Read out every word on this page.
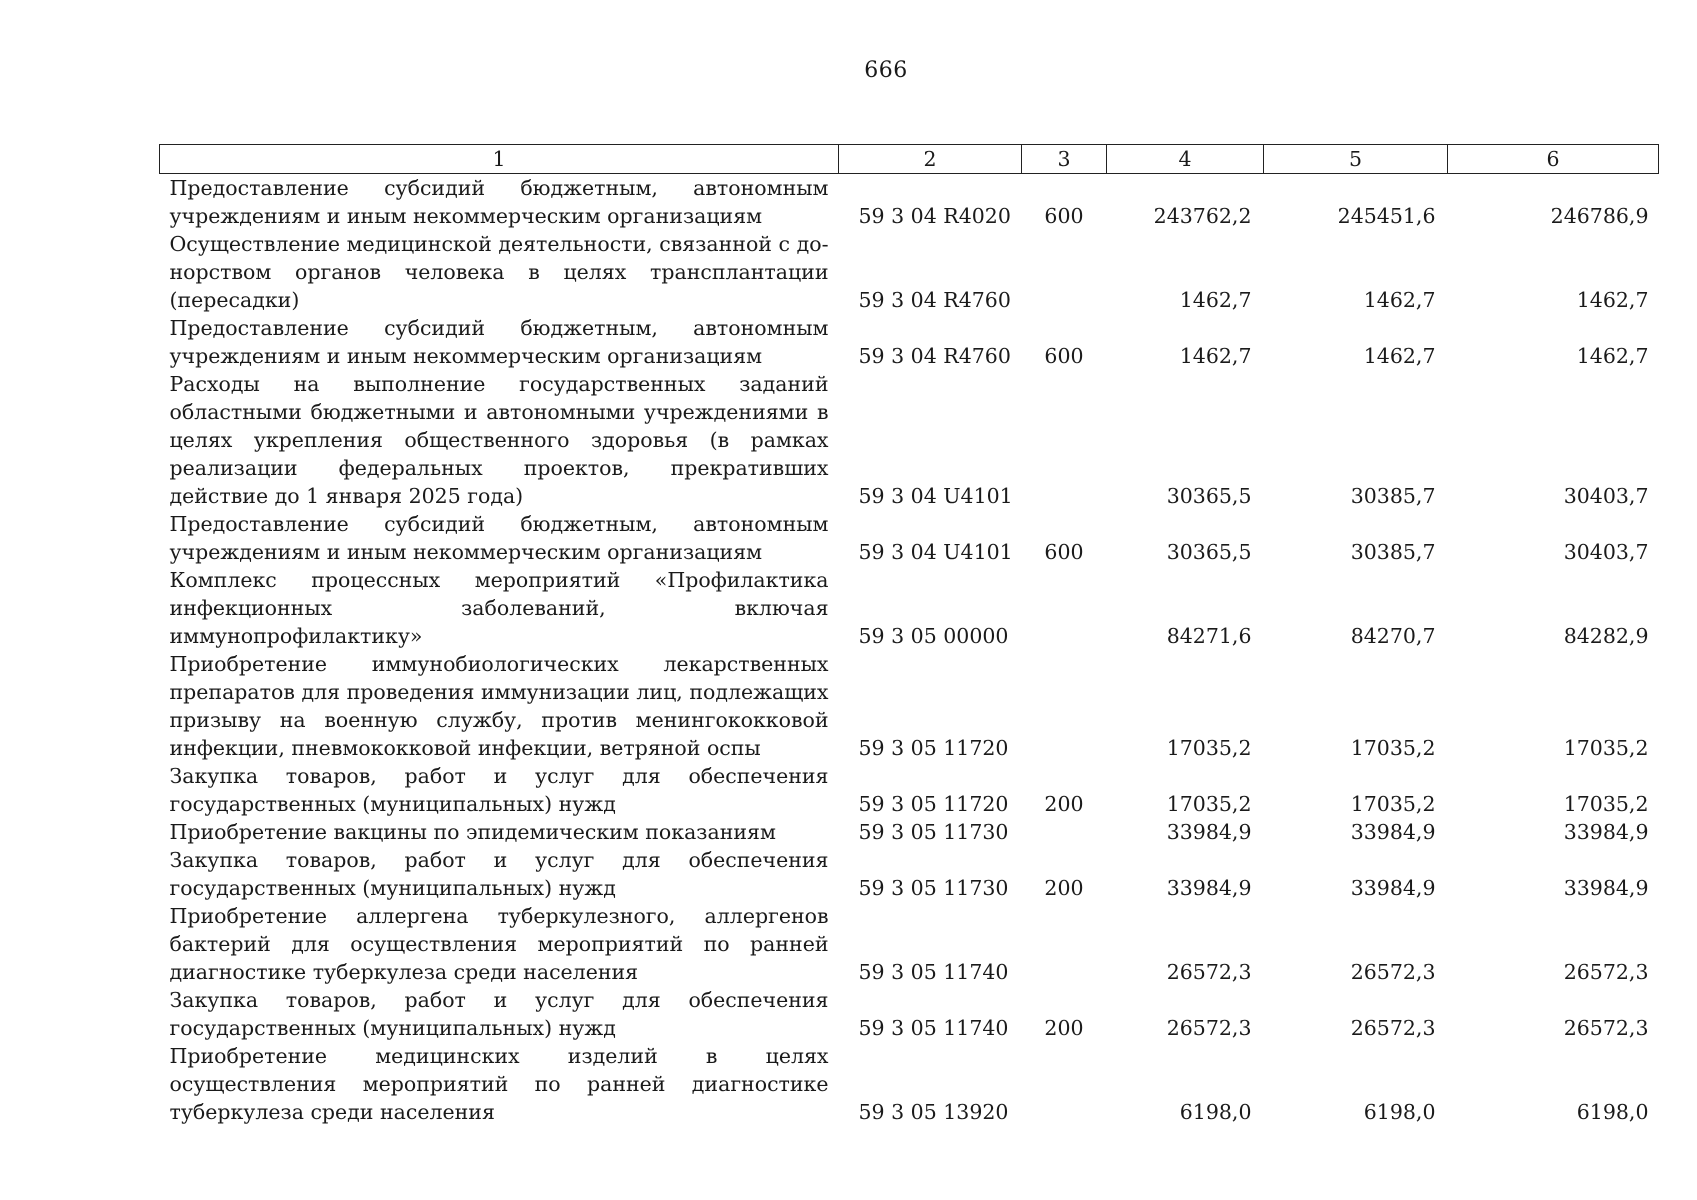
666
1	2	3	4	5	6
Предоставление субсидий бюджетным, автономным учреждениям и иным некоммерческим организациям	59 3 04 R4020	600	243762,2	245451,6	246786,9
Осуществление медицинской деятельности, связанной с донорством органов человека в целях трансплантации (пересадки)	59 3 04 R4760		1462,7	1462,7	1462,7
Предоставление субсидий бюджетным, автономным учреждениям и иным некоммерческим организациям	59 3 04 R4760	600	1462,7	1462,7	1462,7
Расходы на выполнение государственных заданий областными бюджетными и автономными учреждениями в целях укрепления общественного здоровья (в рамках реализации федеральных проектов, прекративших действие до 1 января 2025 года)	59 3 04 U4101		30365,5	30385,7	30403,7
Предоставление субсидий бюджетным, автономным учреждениям и иным некоммерческим организациям	59 3 04 U4101	600	30365,5	30385,7	30403,7
Комплекс процессных мероприятий «Профилактика инфекционных заболеваний, включая иммунопрофилактику»	59 3 05 00000		84271,6	84270,7	84282,9
Приобретение иммунобиологических лекарственных препаратов для проведения иммунизации лиц, подлежащих призыву на военную службу, против менингококковой инфекции, пневмококковой инфекции, ветряной оспы	59 3 05 11720		17035,2	17035,2	17035,2
Закупка товаров, работ и услуг для обеспечения государственных (муниципальных) нужд	59 3 05 11720	200	17035,2	17035,2	17035,2
Приобретение вакцины по эпидемическим показаниям	59 3 05 11730		33984,9	33984,9	33984,9
Закупка товаров, работ и услуг для обеспечения государственных (муниципальных) нужд	59 3 05 11730	200	33984,9	33984,9	33984,9
Приобретение аллергена туберкулезного, аллергенов бактерий для осуществления мероприятий по ранней диагностике туберкулеза среди населения	59 3 05 11740		26572,3	26572,3	26572,3
Закупка товаров, работ и услуг для обеспечения государственных (муниципальных) нужд	59 3 05 11740	200	26572,3	26572,3	26572,3
Приобретение медицинских изделий в целях осуществления мероприятий по ранней диагностике туберкулеза среди населения	59 3 05 13920		6198,0	6198,0	6198,0
